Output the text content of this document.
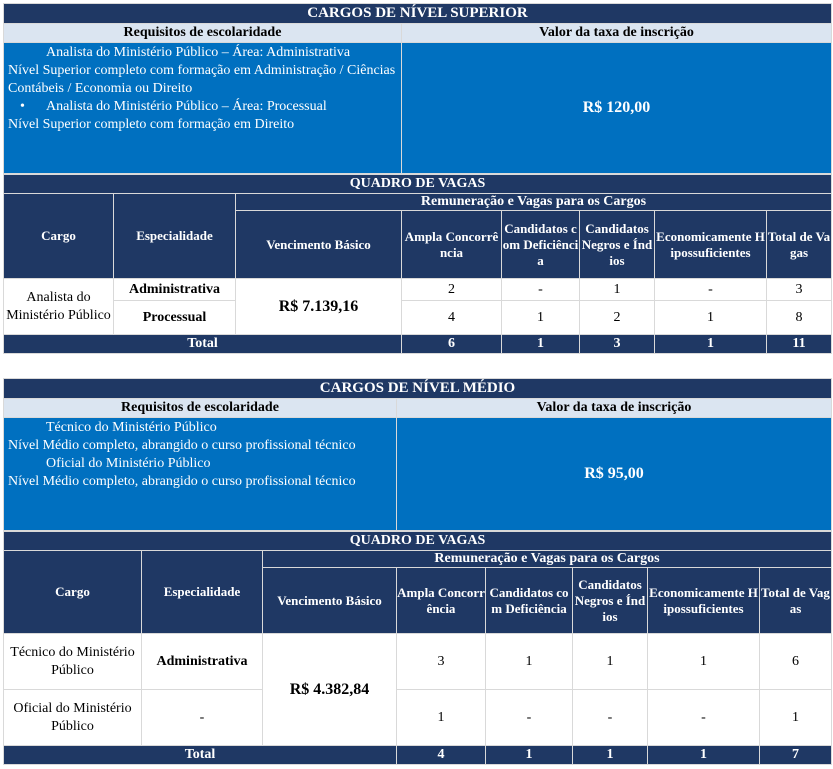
CARGOS DE NÍVEL SUPERIOR	
Requisitos de escolaridade	Valor da taxa de inscrição

• Analista do Ministério Público – Área: Administrativa
Nível Superior completo com formação em Administração / Ciências Contábeis / Economia ou Direito
• Analista do Ministério Público – Área: Processual
Nível Superior completo com formação em Direito	R$ 120,00
QUADRO DE VAGAS							
Cargo	Especialidade	Remuneração e Vagas para os Cargos					
		Vencimento Básico	Ampla Concorrência	Candidatos com Deficiência	Candidatos Negros e Índios	Economicamente Hipossuficientes	Total de Vagas
Analista do Ministério Público	Administrativa	R$ 7.139,16	2	-	1	-	3
	Processual		4	1	2	1	8
Total			6	1	3	1	11
CARGOS DE NÍVEL MÉDIO	
Requisitos de escolaridade	Valor da taxa de inscrição

• Técnico do Ministério Público
Nível Médio completo, abrangido o curso profissional técnico
• Oficial do Ministério Público
Nível Médio completo, abrangido o curso profissional técnico	R$ 95,00
QUADRO DE VAGAS							
Cargo	Especialidade	Remuneração e Vagas para os Cargos					
		Vencimento Básico	Ampla Concorrência	Candidatos com Deficiência	Candidatos Negros e Índios	Economicamente Hipossuficientes	Total de Vagas
Técnico do Ministério Público	Administrativa	R$ 4.382,84	3	1	1	1	6
Oficial do Ministério Público	-		1	-	-	-	1
Total			4	1	1	1	7
